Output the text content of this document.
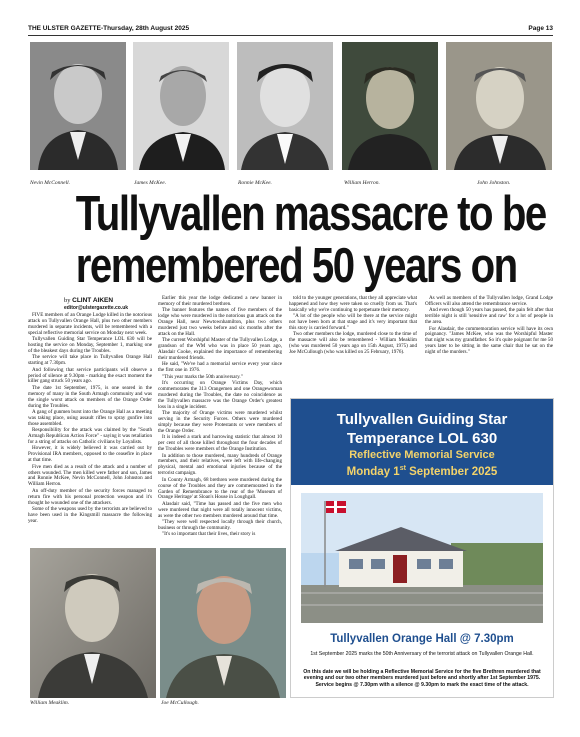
THE ULSTER GAZETTE-Thursday, 28th August 2025	Page 13
Nevin McConnell.	James McKee.	Ronnie McKee.	William Herron.	John Johnston.
Tullyvallen massacre to be
remembered 50 years on
by CLINT AIKEN
editor@ulstergazette.co.uk

FIVE members of an Orange Lodge killed in the notorious attack on Tullyvallen Orange Hall, plus two other members murdered in separate incidents, will be remembered with a special reflective memorial service on Monday next week.

Tullyvallen Guiding Star Temperance LOL 630 will be hosting the service on Monday, September 1, marking one of the bleakest days during the Troubles.

The service will take place in Tullyvallen Orange Hall starting at 7.30pm.

And following that service participants will observe a period of silence at 9.30pm - marking the exact moment the killer gang struck 50 years ago.

The date 1st September, 1975, is one seared in the memory of many in the South Armagh community and was the single worst attack on members of the Orange Order during the Troubles.

A gang of gunmen burst into the Orange Hall as a meeting was taking place, using assault rifles to spray gunfire into those assembled.

Responsibility for the attack was claimed by the "South Armagh Republican Action Force" - saying it was retaliation for a string of attacks on Catholic civilians by Loyalists.

However, it is widely believed it was carried out by Provisional IRA members, opposed to the ceasefire in place at that time.

Five men died as a result of the attack and a number of others wounded. The men killed were father and son, James and Ronnie McKee, Nevin McConnell, John Johnston and William Herron.

An off-duty member of the security forces managed to return fire with his personal protection weapon and it's thought he wounded one of the attackers.

Some of the weapons used by the terrorists are believed to have been used in the Kingsmill massacre the following year.

Earlier this year the lodge dedicated a new banner in memory of their murdered brethren.

The banner features the names of five members of the lodge who were murdered in the notorious gun attack on the Orange Hall, near Newtownhamilton, plus two others murdered just two weeks before and six months after the attack on the Hall.

The current Worshipful Master of the Tullyvallen Lodge, a grandson of the WM who was in place 50 years ago, Alasdair Cooke, explained the importance of remembering their murdered friends.

He said, "We've had a memorial service every year since the first one in 1976.

"This year marks the 50th anniversary."

It's occurring on Orange Victims Day, which commemorates the 313 Orangemen and one Orangewoman murdered during the Troubles, the date no coincidence as the Tullyvallen massacre was the Orange Order's greatest loss in a single incident.

The majority of Orange victims were murdered whilst serving in the Security Forces. Others were murdered simply because they were Protestants or were members of the Orange Order.

It is indeed a stark and harrowing statistic that almost 10 per cent of all those killed throughout the four decades of the Troubles were members of the Orange Institution.

In addition to those murdered, many hundreds of Orange members, and their relatives, were left with life-changing physical, mental and emotional injuries because of the terrorist campaign.

In County Armagh, 68 brethren were murdered during the course of the Troubles and they are commemorated in the Garden of Remembrance to the rear of the 'Museum of Orange Heritage' at Sloan's House in Loughgall.

Alasdair said, "Time has passed and the five men who were murdered that night were all totally innocent victims, as were the other two members murdered around that time.

"They were well respected locally through their church, business or through the community.

"It's so important that their lives, their story is

told to the younger generations, that they all appreciate what happened and how they were taken so cruelly from us. That's basically why we're continuing to perpetuate their memory.

"A lot of the people who will be there at the service might not have been born at that stage and it's very important that this story is carried forward."

Two other members the lodge, murdered close to the time of the massacre will also be remembered - William Meaklim (who was murdered 50 years ago on 15th August, 1975) and Joe McCullough (who was killed on 25 February, 1976).

As well as members of the Tullyvallen lodge, Grand Lodge Officers will also attend the remembrance service.

And even though 50 years has passed, the pain felt after that terrible night is still 'sensitive and raw' for a lot of people in the area.

For Alasdair, the commemoration service will have its own poignancy. "James McKee, who was the Worshipful Master that night was my grandfather. So it's quite poignant for me 50 years later to be sitting in the same chair that he sat on the night of the murders."

William Meaklim.	Joe McCullough.
Tullyvallen Guiding Star
Temperance LOL 630
Reflective Memorial Service
Monday 1st September 2025
Tullyvallen Orange Hall @ 7.30pm
1st September 2025 marks the 50th Anniversary of the terrorist attack on Tullyvallen Orange Hall.
On this date we will be holding a Reflective Memorial Service for the five Brethren murdered that evening and our two other members murdered just before and shortly after 1st September 1975. Service begins @ 7.30pm with a silence @ 9.30pm to mark the exact time of the attack.
